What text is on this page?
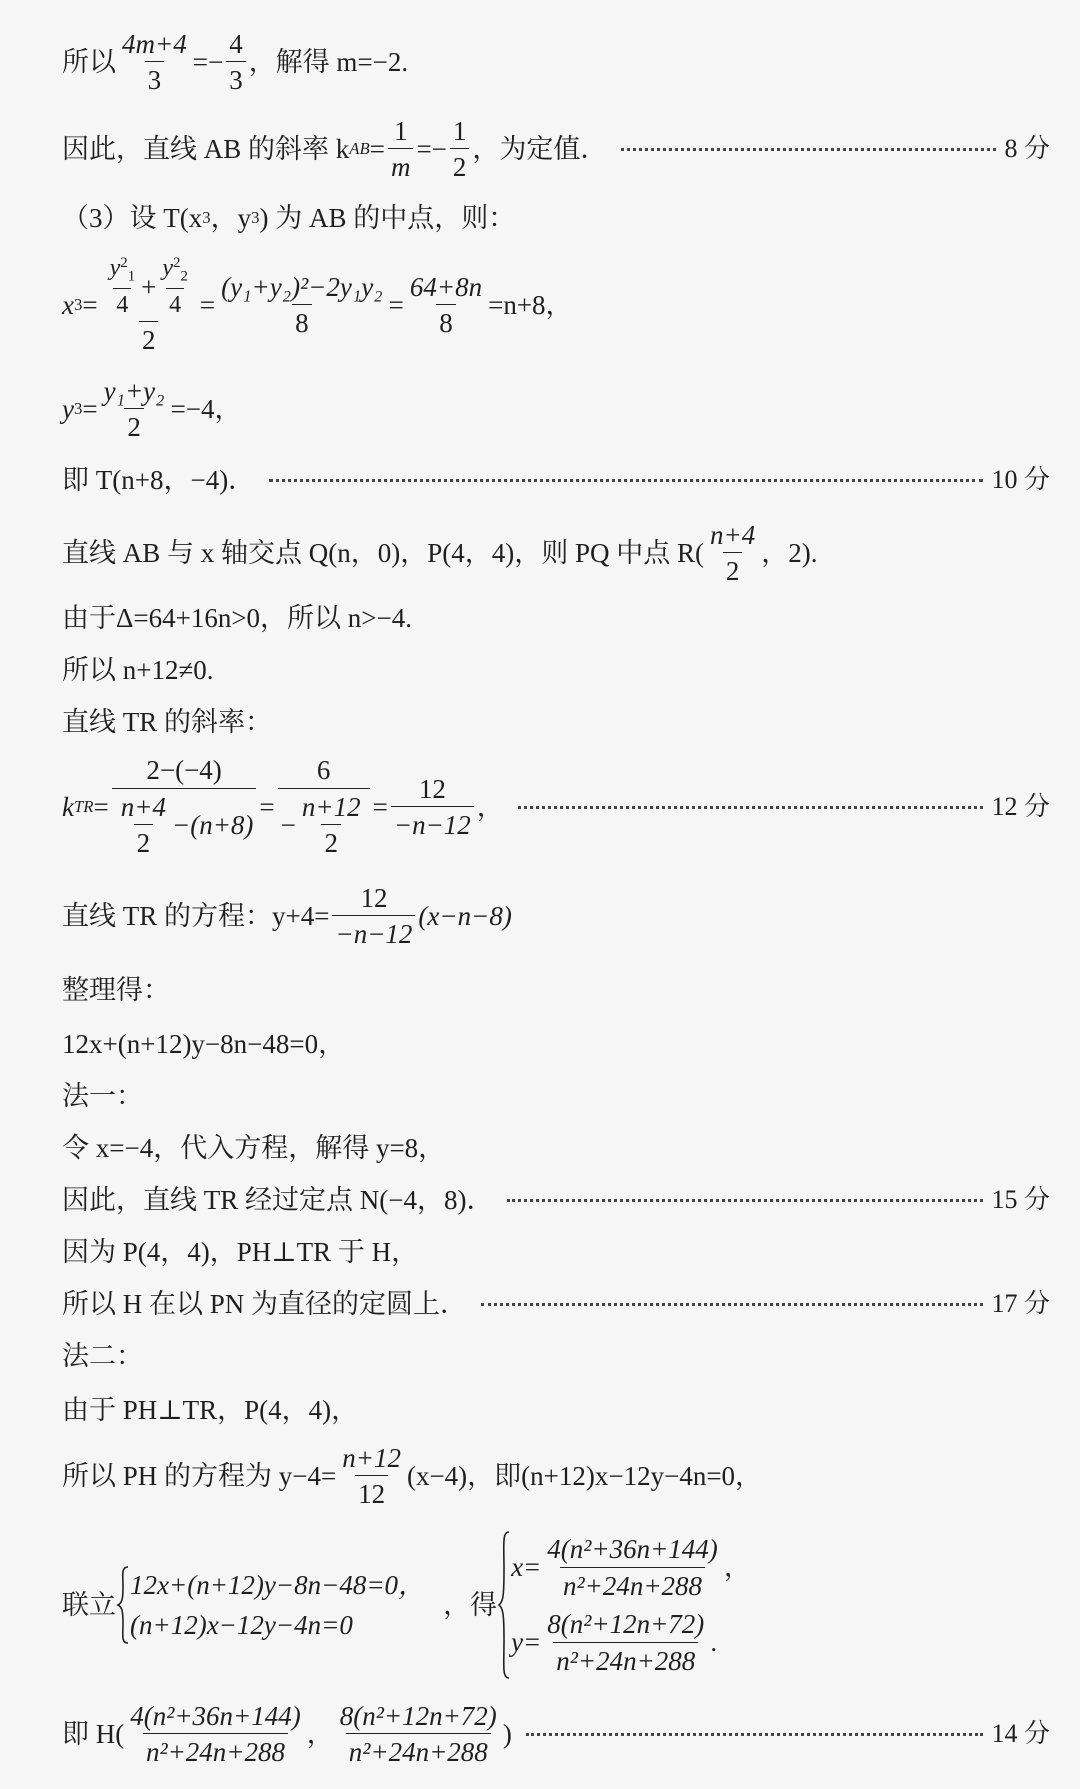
所以 $\frac{4m+4}{3} =- \frac{4}{3}$ ，解得 m=−2.
因此，直线 AB 的斜率 k AB = $\frac{1}{m} =- \frac{1}{2}$ ，为定值．	8 分
（3）设 T(x 3 ，y 3 ) 为 AB 的中点，则：
x $3 = \frac{\frac{y^2_1}{4} + \frac{y^2_2}{4}}{2} = \frac{\text{(y₁+y₂)²−2y₁y₂}}{8} = \frac{64+8n}{8} =n+8$，
y $3 = \frac{\text{y₁+y₂}}{2} =-4$，
即 T(n+8，−4)．	10 分
直线 AB 与 x 轴交点 Q(n，0)，P(4，4)，则 PQ 中点 $R( \frac{n+4}{2}$ ，2).
由于Δ=64+16n>0，所以 n>−4.
所以 n+12≠0.
直线 TR 的斜率：
k TR = $\frac{2-(-4)}{\frac{n+4}{2} -(n+8)} = \frac{6}{- \frac{n+12}{2}} = \frac{12}{-n-12}$ ，	12 分
直线 TR 的方程：$y+4= \frac{12}{-n-12} (x-n-8)$
整理得：
12x+(n+12)y−8n−48=0，
法一：
令 x=−4，代入方程，解得 y=8，
因此，直线 TR 经过定点 N(−4，8)．	15 分
因为 P(4，4)，PH⊥TR 于 H，
所以 H 在以 PN 为直径的定圆上．	17 分
法二：
由于 PH⊥TR，P(4，4)，
所以 PH 的方程为 $y-4= \frac{n+12}{12} (x-4)$，即(n+12)x−12y−4n=0，
联立
12x+(n+12)y−8n−48=0，
(n+12)x−12y−4n=0
，得
$x= \frac{\text{4(n²+36n+144)}}{\text{n²+24n+288}}$ ，
$y= \frac{\text{8(n²+12n+72)}}{\text{n²+24n+288}}$ .
即 $H( \frac{\text{4(n²+36n+144)}}{\text{n²+24n+288}}$ ， $\frac{\text{8(n²+12n+72)}}{\text{n²+24n+288}}$ )	14 分
